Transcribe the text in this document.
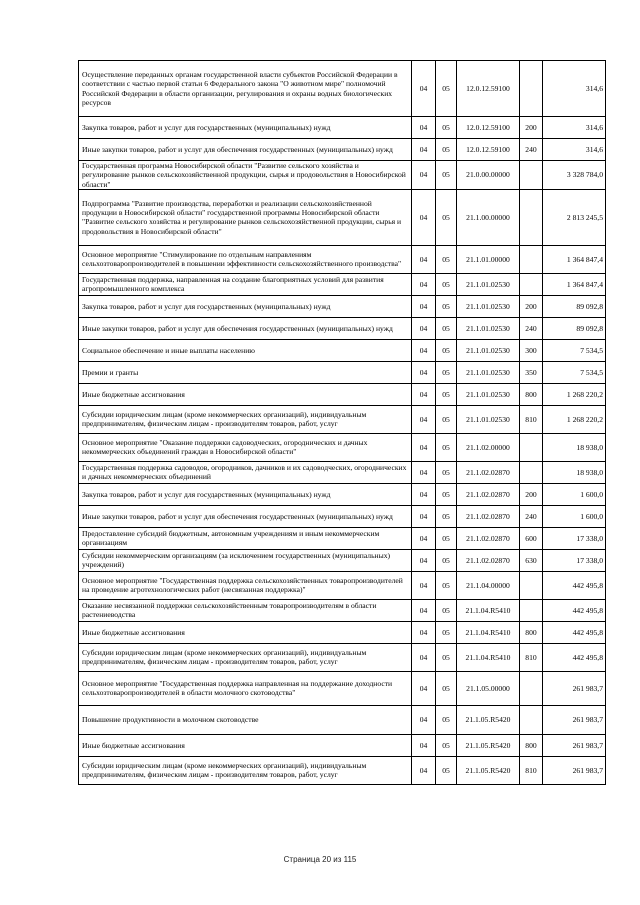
Осуществление переданных органам государственной власти субъектов Российской Федерации в соответствии с частью первой статьи 6 Федерального закона "О животном мире" полномочий Российской Федерации в области организации, регулирования и охраны водных биологических ресурсов	04	05	12.0.12.59100		314,6
Закупка товаров, работ и услуг для государственных (муниципальных) нужд	04	05	12.0.12.59100	200	314,6
Иные закупки товаров, работ и услуг для обеспечения государственных (муниципальных) нужд	04	05	12.0.12.59100	240	314,6
Государственная программа Новосибирской области "Развитие сельского хозяйства и регулирование рынков сельскохозяйственной продукции, сырья и продовольствия в Новосибирской области"	04	05	21.0.00.00000		3 328 784,0
Подпрограмма "Развитие производства, переработки и реализации сельскохозяйственной продукции в Новосибирской области" государственной программы Новосибирской области "Развитие сельского хозяйства и регулирование рынков сельскохозяйственной продукции, сырья и продовольствия в Новосибирской области"	04	05	21.1.00.00000		2 813 245,5
Основное мероприятие "Стимулирование по отдельным направлениям сельхозтоваропроизводителей в повышении эффективности сельскохозяйственного производства"	04	05	21.1.01.00000		1 364 847,4
Государственная поддержка, направленная на создание благоприятных условий для развития агропромышленного комплекса	04	05	21.1.01.02530		1 364 847,4
Закупка товаров, работ и услуг для государственных (муниципальных) нужд	04	05	21.1.01.02530	200	89 092,8
Иные закупки товаров, работ и услуг для обеспечения государственных (муниципальных) нужд	04	05	21.1.01.02530	240	89 092,8
Социальное обеспечение и иные выплаты населению	04	05	21.1.01.02530	300	7 534,5
Премии и гранты	04	05	21.1.01.02530	350	7 534,5
Иные бюджетные ассигнования	04	05	21.1.01.02530	800	1 268 220,2
Субсидии юридическим лицам (кроме некоммерческих организаций), индивидуальным предпринимателям, физическим лицам - производителям товаров, работ, услуг	04	05	21.1.01.02530	810	1 268 220,2
Основное мероприятие "Оказание поддержки садоводческих, огороднических и дачных некоммерческих объединений граждан в Новосибирской области"	04	05	21.1.02.00000		18 938,0
Государственная поддержка садоводов, огородников, дачников и их садоводческих, огороднических и дачных некоммерческих объединений	04	05	21.1.02.02870		18 938,0
Закупка товаров, работ и услуг для государственных (муниципальных) нужд	04	05	21.1.02.02870	200	1 600,0
Иные закупки товаров, работ и услуг для обеспечения государственных (муниципальных) нужд	04	05	21.1.02.02870	240	1 600,0
Предоставление субсидий бюджетным, автономным учреждениям и иным некоммерческим организациям	04	05	21.1.02.02870	600	17 338,0
Субсидии некоммерческим организациям (за исключением государственных (муниципальных) учреждений)	04	05	21.1.02.02870	630	17 338,0
Основное мероприятие "Государственная поддержка сельскохозяйственных товаропроизводителей на проведение агротехнологических работ (несвязанная поддержка)"	04	05	21.1.04.00000		442 495,8
Оказание несвязанной поддержки сельскохозяйственным товаропроизводителям в области растениеводства	04	05	21.1.04.R5410		442 495,8
Иные бюджетные ассигнования	04	05	21.1.04.R5410	800	442 495,8
Субсидии юридическим лицам (кроме некоммерческих организаций), индивидуальным предпринимателям, физическим лицам - производителям товаров, работ, услуг	04	05	21.1.04.R5410	810	442 495,8
Основное мероприятие "Государственная поддержка направленная на поддержание доходности сельхозтоваропроизводителей в области молочного скотоводства"	04	05	21.1.05.00000		261 983,7
Повышение продуктивности в молочном скотоводстве	04	05	21.1.05.R5420		261 983,7
Иные бюджетные ассигнования	04	05	21.1.05.R5420	800	261 983,7
Субсидии юридическим лицам (кроме некоммерческих организаций), индивидуальным предпринимателям, физическим лицам - производителям товаров, работ, услуг	04	05	21.1.05.R5420	810	261 983,7
Страница 20 из 115
